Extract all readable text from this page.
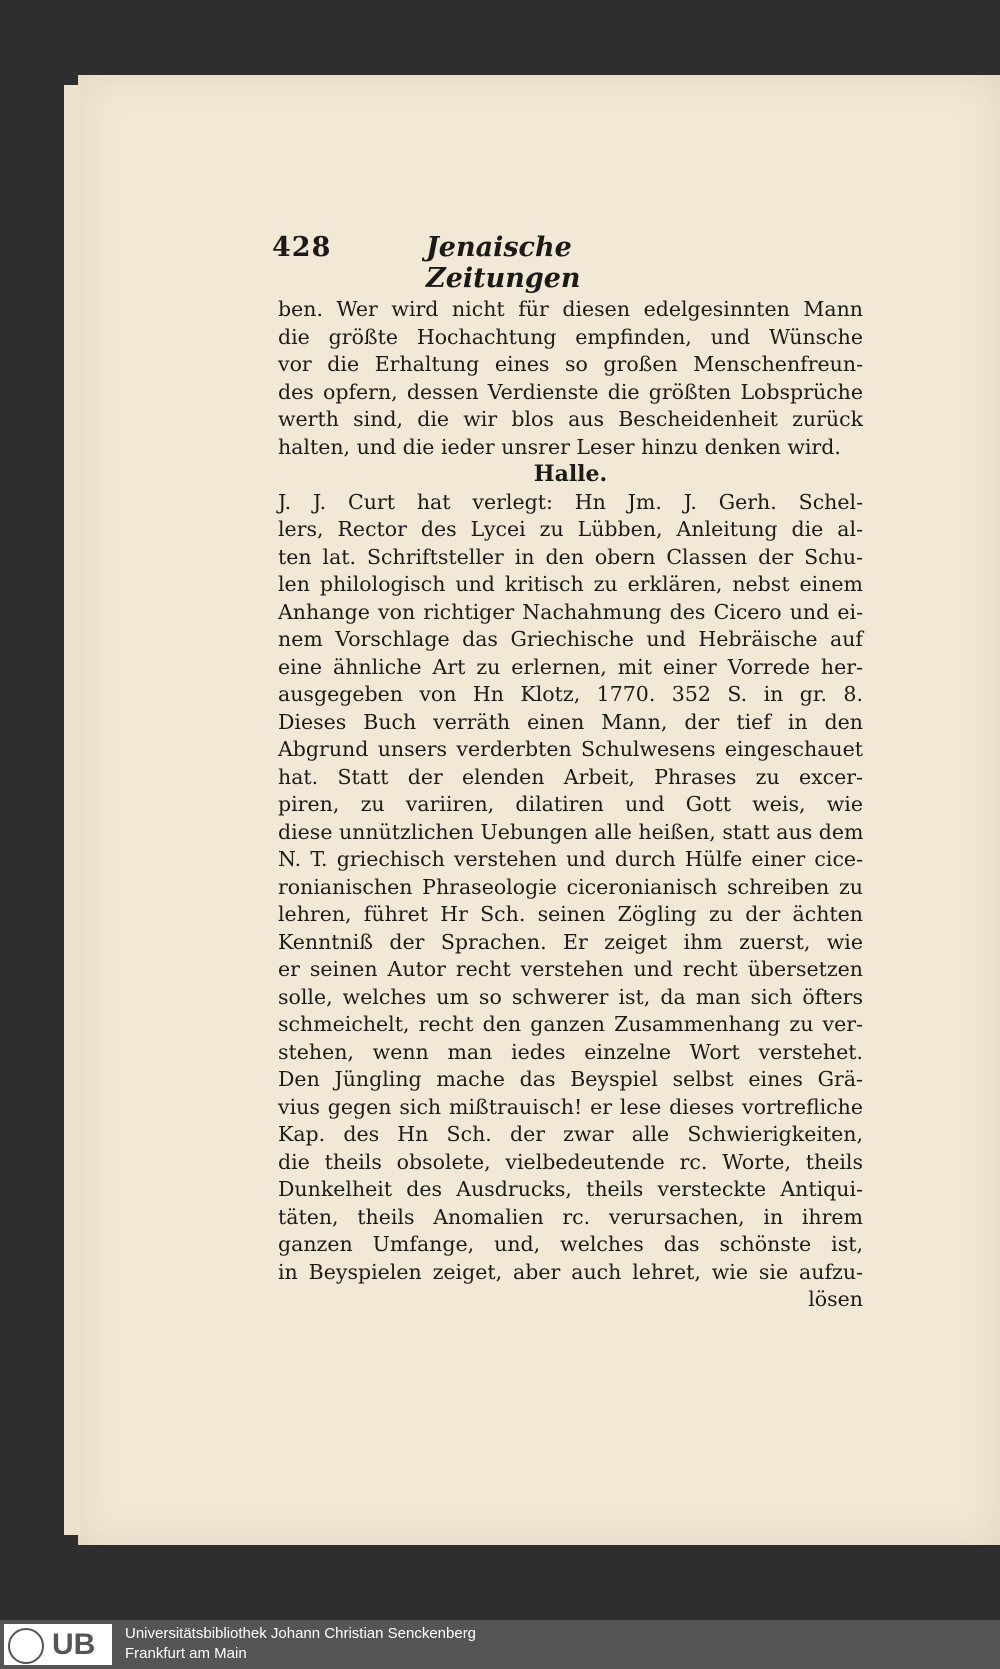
428	Jenaische Zeitungen
ben. Wer wird nicht für diesen edelgesinnten Mann
die größte Hochachtung empfinden, und Wünsche
vor die Erhaltung eines so großen Menschenfreun-
des opfern, dessen Verdienste die größten Lobsprüche
werth sind, die wir blos aus Bescheidenheit zurück
halten, und die ieder unsrer Leser hinzu denken wird.
Halle.
J. J. Curt hat verlegt: Hn Jm. J. Gerh. Schel-
lers, Rector des Lycei zu Lübben, Anleitung die al-
ten lat. Schriftsteller in den obern Classen der Schu-
len philologisch und kritisch zu erklären, nebst einem
Anhange von richtiger Nachahmung des Cicero und ei-
nem Vorschlage das Griechische und Hebräische auf
eine ähnliche Art zu erlernen, mit einer Vorrede her-
ausgegeben von Hn Klotz, 1770. 352 S. in gr. 8.
Dieses Buch verräth einen Mann, der tief in den
Abgrund unsers verderbten Schulwesens eingeschauet
hat. Statt der elenden Arbeit, Phrases zu excer-
piren, zu variiren, dilatiren und Gott weis, wie
diese unnützlichen Uebungen alle heißen, statt aus dem
N. T. griechisch verstehen und durch Hülfe einer cice-
ronianischen Phraseologie ciceronianisch schreiben zu
lehren, führet Hr Sch. seinen Zögling zu der ächten
Kenntniß der Sprachen. Er zeiget ihm zuerst, wie
er seinen Autor recht verstehen und recht übersetzen
solle, welches um so schwerer ist, da man sich öfters
schmeichelt, recht den ganzen Zusammenhang zu ver-
stehen, wenn man iedes einzelne Wort verstehet.
Den Jüngling mache das Beyspiel selbst eines Grä-
vius gegen sich mißtrauisch! er lese dieses vortrefliche
Kap. des Hn Sch. der zwar alle Schwierigkeiten,
die theils obsolete, vielbedeutende rc. Worte, theils
Dunkelheit des Ausdrucks, theils versteckte Antiqui-
täten, theils Anomalien rc. verursachen, in ihrem
ganzen Umfange, und, welches das schönste ist,
in Beyspielen zeiget, aber auch lehret, wie sie aufzu-
lösen
UB Universitätsbibliothek Johann Christian Senckenberg
Frankfurt am Main
